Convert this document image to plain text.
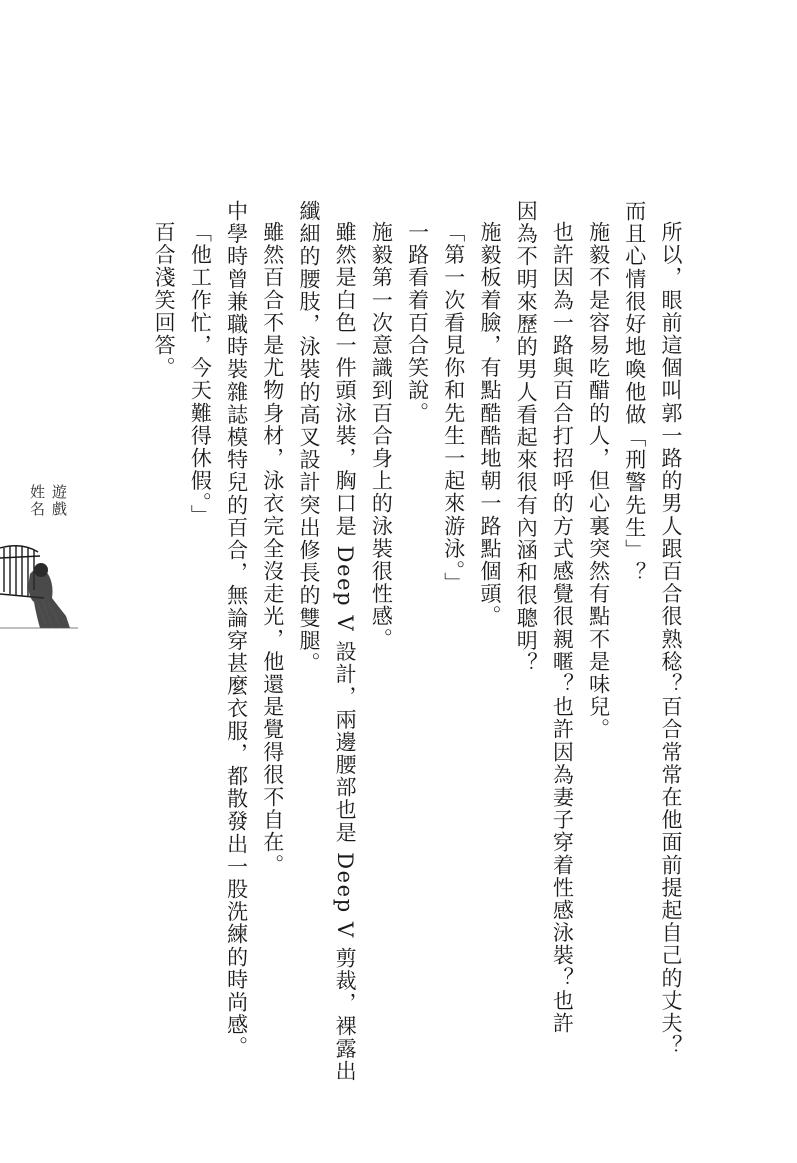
所以，眼前這個叫郭一路的男人跟百合很熟稔？百合常常在他面前提起自己的丈夫？
而且心情很好地喚他做「刑警先生」？
施毅不是容易吃醋的人，但心裏突然有點不是味兒。
也許因為一路與百合打招呼的方式感覺很親暱？也許因為妻子穿着性感泳裝？也許
因為不明來歷的男人看起來很有內涵和很聰明？
施毅板着臉，有點酷酷地朝一路點個頭。
「第一次看見你和先生一起來游泳。」
一路看着百合笑說。
施毅第一次意識到百合身上的泳裝很性感。
雖然是白色一件頭泳裝，胸口是 Deep V 設計，兩邊腰部也是 Deep V 剪裁，裸露出
纖細的腰肢，泳裝的高叉設計突出修長的雙腿。
雖然百合不是尤物身材，泳衣完全沒走光，他還是覺得很不自在。
中學時曾兼職時裝雜誌模特兒的百合，無論穿甚麼衣服，都散發出一股洗練的時尚感。
「他工作忙，今天難得休假。」
百合淺笑回答。
遊戲
姓名
